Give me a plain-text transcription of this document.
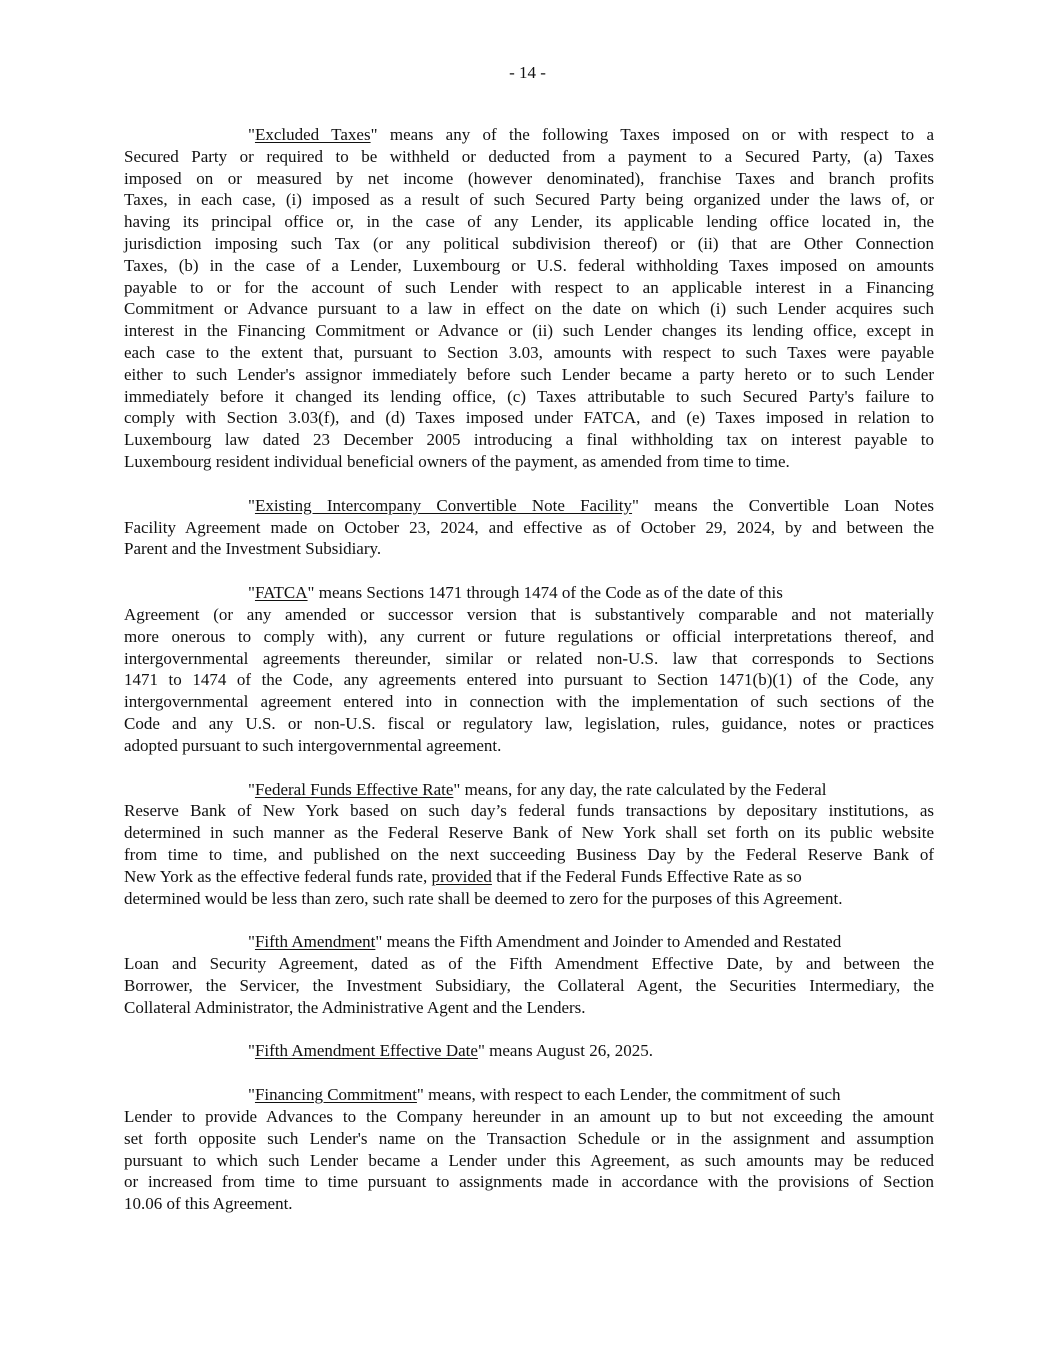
- 14 -
"Excluded Taxes" means any of the following Taxes imposed on or with respect to a
Secured Party or required to be withheld or deducted from a payment to a Secured Party, (a) Taxes
imposed on or measured by net income (however denominated), franchise Taxes and branch profits
Taxes, in each case, (i) imposed as a result of such Secured Party being organized under the laws of, or
having its principal office or, in the case of any Lender, its applicable lending office located in, the
jurisdiction imposing such Tax (or any political subdivision thereof) or (ii) that are Other Connection
Taxes, (b) in the case of a Lender, Luxembourg or U.S. federal withholding Taxes imposed on amounts
payable to or for the account of such Lender with respect to an applicable interest in a Financing
Commitment or Advance pursuant to a law in effect on the date on which (i) such Lender acquires such
interest in the Financing Commitment or Advance or (ii) such Lender changes its lending office, except in
each case to the extent that, pursuant to Section 3.03, amounts with respect to such Taxes were payable
either to such Lender's assignor immediately before such Lender became a party hereto or to such Lender
immediately before it changed its lending office, (c) Taxes attributable to such Secured Party's failure to
comply with Section 3.03(f), and (d) Taxes imposed under FATCA, and (e) Taxes imposed in relation to
Luxembourg law dated 23 December 2005 introducing a final withholding tax on interest payable to
Luxembourg resident individual beneficial owners of the payment, as amended from time to time.
"Existing Intercompany Convertible Note Facility" means the Convertible Loan Notes
Facility Agreement made on October 23, 2024, and effective as of October 29, 2024, by and between the
Parent and the Investment Subsidiary.
"FATCA" means Sections 1471 through 1474 of the Code as of the date of this
Agreement (or any amended or successor version that is substantively comparable and not materially
more onerous to comply with), any current or future regulations or official interpretations thereof, and
intergovernmental agreements thereunder, similar or related non-U.S. law that corresponds to Sections
1471 to 1474 of the Code, any agreements entered into pursuant to Section 1471(b)(1) of the Code, any
intergovernmental agreement entered into in connection with the implementation of such sections of the
Code and any U.S. or non-U.S. fiscal or regulatory law, legislation, rules, guidance, notes or practices
adopted pursuant to such intergovernmental agreement.
"Federal Funds Effective Rate" means, for any day, the rate calculated by the Federal
Reserve Bank of New York based on such day’s federal funds transactions by depositary institutions, as
determined in such manner as the Federal Reserve Bank of New York shall set forth on its public website
from time to time, and published on the next succeeding Business Day by the Federal Reserve Bank of
New York as the effective federal funds rate, provided that if the Federal Funds Effective Rate as so
determined would be less than zero, such rate shall be deemed to zero for the purposes of this Agreement.
"Fifth Amendment" means the Fifth Amendment and Joinder to Amended and Restated
Loan and Security Agreement, dated as of the Fifth Amendment Effective Date, by and between the
Borrower, the Servicer, the Investment Subsidiary, the Collateral Agent, the Securities Intermediary, the
Collateral Administrator, the Administrative Agent and the Lenders.
"Fifth Amendment Effective Date" means August 26, 2025.
"Financing Commitment" means, with respect to each Lender, the commitment of such
Lender to provide Advances to the Company hereunder in an amount up to but not exceeding the amount
set forth opposite such Lender's name on the Transaction Schedule or in the assignment and assumption
pursuant to which such Lender became a Lender under this Agreement, as such amounts may be reduced
or increased from time to time pursuant to assignments made in accordance with the provisions of Section
10.06 of this Agreement.
